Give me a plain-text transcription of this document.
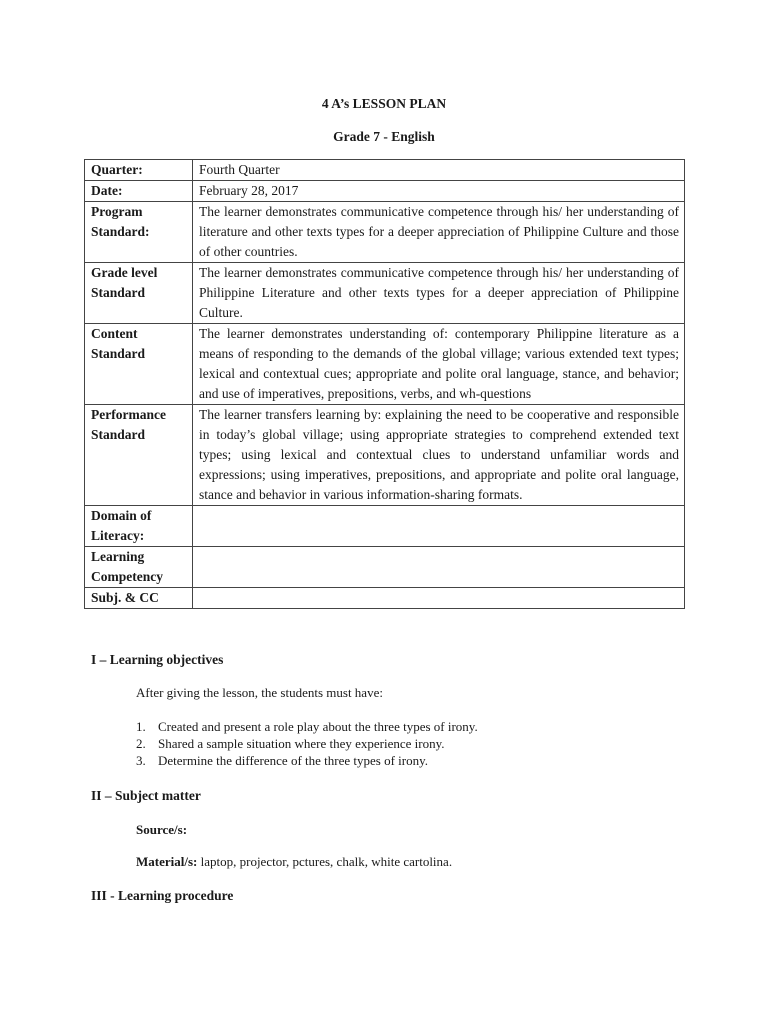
4 A’s LESSON PLAN
Grade 7 - English
Quarter:	Fourth Quarter
Date:	February 28, 2017
Program Standard:	The learner demonstrates communicative competence through his/ her understanding of literature and other texts types for a deeper appreciation of Philippine Culture and those of other countries.
Grade level Standard	The learner demonstrates communicative competence through his/ her understanding of Philippine Literature and other texts types for a deeper appreciation of Philippine Culture.
Content Standard	The learner demonstrates understanding of: contemporary Philippine literature as a means of responding to the demands of the global village; various extended text types; lexical and contextual cues; appropriate and polite oral language, stance, and behavior; and use of imperatives, prepositions, verbs, and wh-questions
Performance Standard	The learner transfers learning by: explaining the need to be cooperative and responsible in today’s global village; using appropriate strategies to comprehend extended text types; using lexical and contextual clues to understand unfamiliar words and expressions; using imperatives, prepositions, and appropriate and polite oral language, stance and behavior in various information-sharing formats.
Domain of Literacy:	
Learning Competency	
Subj. & CC	
I – Learning objectives
After giving the lesson, the students must have:
1. Created and present a role play about the three types of irony.
2. Shared a sample situation where they experience irony.
3. Determine the difference of the three types of irony.
II – Subject matter
Source/s:
Material/s: laptop, projector, pctures, chalk, white cartolina.
III - Learning procedure
